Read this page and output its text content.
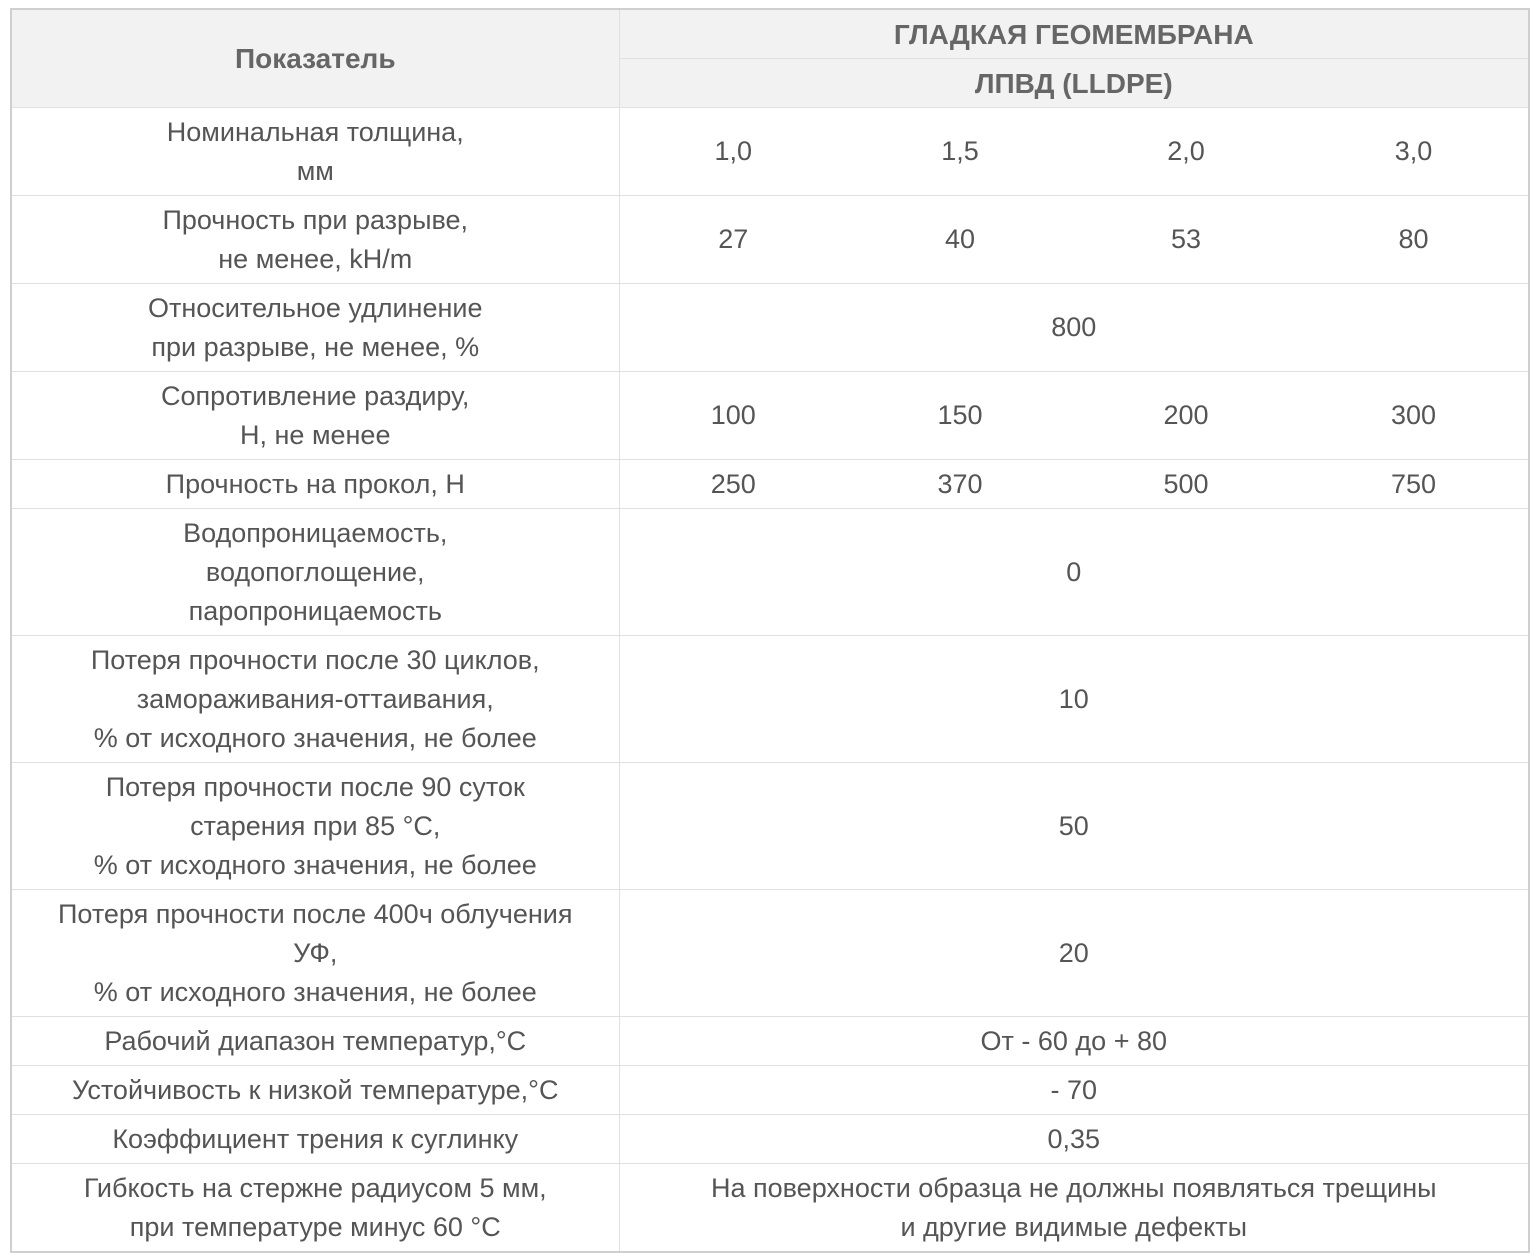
Показатель	ГЛАДКАЯ ГЕОМЕМБРАНА			
	ЛПВД (LLDPE)			

Номинальная толщина,
мм	1,0	1,5	2,0	3,0

Прочность при разрыве,
не менее, kH/m	27	40	53	80

Относительное удлинение
при разрыве, не менее, %	800			

Сопротивление раздиру,
Н, не менее	100	150	200	300

Прочность на прокол, Н	250	370	500	750

Водопроницаемость,
водопоглощение,
паропроницаемость	0			

Потеря прочности после 30 циклов,
замораживания-оттаивания,
% от исходного значения, не более	10			

Потеря прочности после 90 суток
старения при 85 °С,
% от исходного значения, не более	50			

Потеря прочности после 400ч облучения
УФ,
% от исходного значения, не более	20			

Рабочий диапазон температур,°С	От - 60 до + 80			

Устойчивость к низкой температуре,°С	- 70			

Коэффициент трения к суглинку	0,35			

Гибкость на стержне радиусом 5 мм,
при температуре минус 60 °С	На поверхности образца не должны появляться трещины
и другие видимые дефекты			
